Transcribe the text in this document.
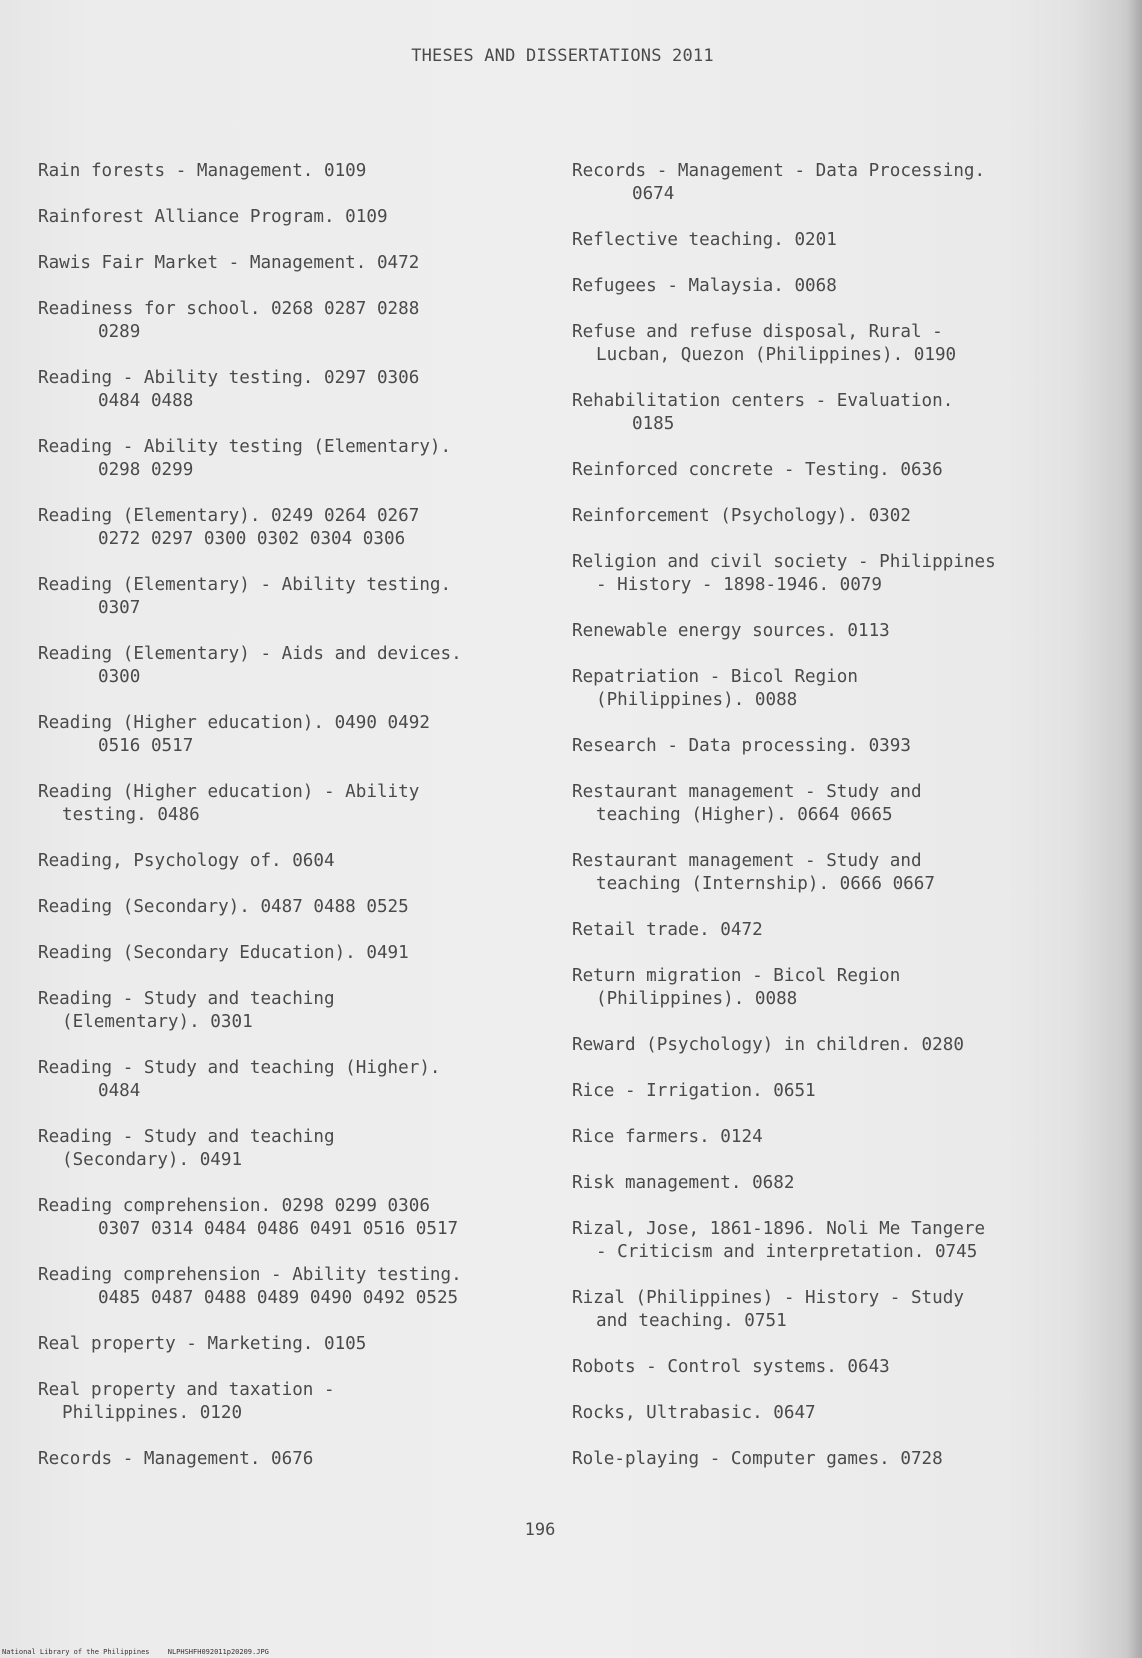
THESES AND DISSERTATIONS 2011
Rain forests - Management. 0109
Rainforest Alliance Program. 0109
Rawis Fair Market - Management. 0472
Readiness for school. 0268 0287 0288
0289
Reading - Ability testing. 0297 0306
0484 0488
Reading - Ability testing (Elementary).
0298 0299
Reading (Elementary). 0249 0264 0267
0272 0297 0300 0302 0304 0306
Reading (Elementary) - Ability testing.
0307
Reading (Elementary) - Aids and devices.
0300
Reading (Higher education). 0490 0492
0516 0517
Reading (Higher education) - Ability
testing. 0486
Reading, Psychology of. 0604
Reading (Secondary). 0487 0488 0525
Reading (Secondary Education). 0491
Reading - Study and teaching
(Elementary). 0301
Reading - Study and teaching (Higher).
0484
Reading - Study and teaching
(Secondary). 0491
Reading comprehension. 0298 0299 0306
0307 0314 0484 0486 0491 0516 0517
Reading comprehension - Ability testing.
0485 0487 0488 0489 0490 0492 0525
Real property - Marketing. 0105
Real property and taxation -
Philippines. 0120
Records - Management. 0676
Records - Management - Data Processing.
0674
Reflective teaching. 0201
Refugees - Malaysia. 0068
Refuse and refuse disposal, Rural -
Lucban, Quezon (Philippines). 0190
Rehabilitation centers - Evaluation.
0185
Reinforced concrete - Testing. 0636
Reinforcement (Psychology). 0302
Religion and civil society - Philippines
- History - 1898-1946. 0079
Renewable energy sources. 0113
Repatriation - Bicol Region
(Philippines). 0088
Research - Data processing. 0393
Restaurant management - Study and
teaching (Higher). 0664 0665
Restaurant management - Study and
teaching (Internship). 0666 0667
Retail trade. 0472
Return migration - Bicol Region
(Philippines). 0088
Reward (Psychology) in children. 0280
Rice - Irrigation. 0651
Rice farmers. 0124
Risk management. 0682
Rizal, Jose, 1861-1896. Noli Me Tangere
- Criticism and interpretation. 0745
Rizal (Philippines) - History - Study
and teaching. 0751
Robots - Control systems. 0643
Rocks, Ultrabasic. 0647
Role-playing - Computer games. 0728
196
National Library of the Philippines	NLPHSHFH092011p20209.JPG
